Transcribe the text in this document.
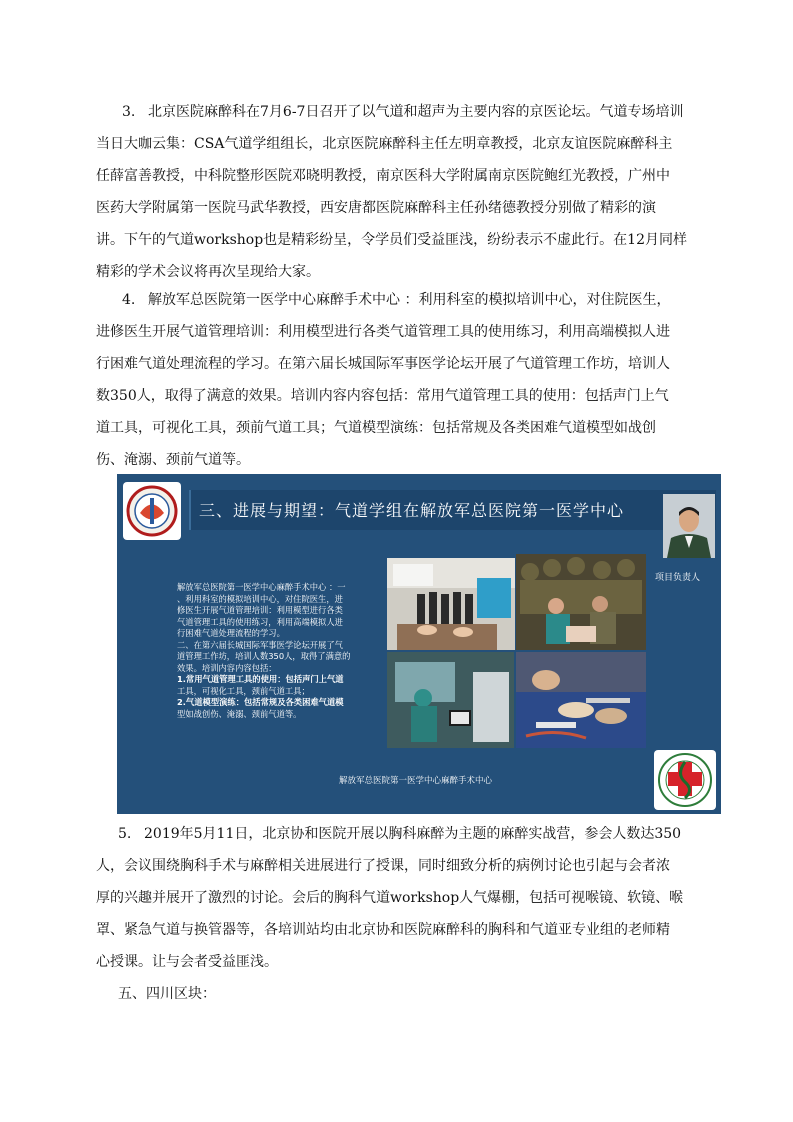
3. 北京医院麻醉科在7月6-7日召开了以气道和超声为主要内容的京医论坛。气道专场培训
当日大咖云集：CSA气道学组组长，北京医院麻醉科主任左明章教授，北京友谊医院麻醉科主
任薛富善教授，中科院整形医院邓晓明教授，南京医科大学附属南京医院鲍红光教授，广州中
医药大学附属第一医院马武华教授，西安唐都医院麻醉科主任孙绪德教授分别做了精彩的演
讲。下午的气道workshop也是精彩纷呈，令学员们受益匪浅，纷纷表示不虚此行。在12月同样
精彩的学术会议将再次呈现给大家。
4. 解放军总医院第一医学中心麻醉手术中心 ：利用科室的模拟培训中心，对住院医生，
进修医生开展气道管理培训：利用模型进行各类气道管理工具的使用练习，利用高端模拟人进
行困难气道处理流程的学习。在第六届长城国际军事医学论坛开展了气道管理工作坊，培训人
数350人，取得了满意的效果。培训内容内容包括：常用气道管理工具的使用：包括声门上气
道工具，可视化工具，颈前气道工具；气道模型演练：包括常规及各类困难气道模型如战创
伤、淹溺、颈前气道等。
三、进展与期望：气道学组在解放军总医院第一医学中心
项目负责人
解放军总医院第一医学中心麻醉手术中心 ：一
、利用科室的模拟培训中心，对住院医生，进
修医生开展气道管理培训：利用模型进行各类
气道管理工具的使用练习，利用高端模拟人进
行困难气道处理流程的学习。
二、在第六届长城国际军事医学论坛开展了气
道管理工作坊，培训人数350人，取得了满意的
效果。培训内容内容包括：
1.常用气道管理工具的使用：包括声门上气道
工具，可视化工具，颈前气道工具；
2.气道模型演练：包括常规及各类困难气道模
型如战创伤、淹溺、颈前气道等。
解放军总医院第一医学中心麻醉手术中心
5. 2019年5月11日，北京协和医院开展以胸科麻醉为主题的麻醉实战营，参会人数达350
人，会议围绕胸科手术与麻醉相关进展进行了授课，同时细致分析的病例讨论也引起与会者浓
厚的兴趣并展开了激烈的讨论。会后的胸科气道workshop人气爆棚，包括可视喉镜、软镜、喉
罩、紧急气道与换管器等，各培训站均由北京协和医院麻醉科的胸科和气道亚专业组的老师精
心授课。让与会者受益匪浅。
五、四川区块：
